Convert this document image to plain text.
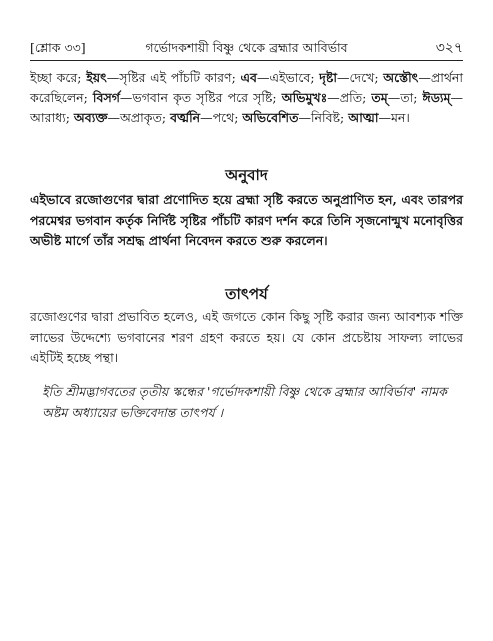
[শ্লোক ৩৩]	গর্ভোদকশায়ী বিষ্ণু থেকে ব্রহ্মার আবির্ভাব	৩২৭
ইচ্ছা করে; ইয়ৎ—সৃষ্টির এই পাঁচটি কারণ; এব—এইভাবে; দৃষ্টা—দেখে; অস্তৌৎ—প্রার্থনা করেছিলেন; বিসর্গ—ভগবান কৃত সৃষ্টির পরে সৃষ্টি; অভিমুখঃ—প্রতি; তম্—তা; ঈড্যম্—আরাধ্য; অব্যক্ত—অপ্রাকৃত; বর্ত্মনি—পথে; অভিবেশিত—নিবিষ্ট; আত্মা—মন।
অনুবাদ
এইভাবে রজোগুণের দ্বারা প্রণোদিত হয়ে ব্রহ্মা সৃষ্টি করতে অনুপ্রাণিত হন, এবং তারপর পরমেশ্বর ভগবান কর্তৃক নির্দিষ্ট সৃষ্টির পাঁচটি কারণ দর্শন করে তিনি সৃজনোন্মুখ মনোবৃত্তির অভীষ্ট মার্গে তাঁর সশ্রদ্ধ প্রার্থনা নিবেদন করতে শুরু করলেন।
তাৎপর্য
রজোগুণের দ্বারা প্রভাবিত হলেও, এই জগতে কোন কিছু সৃষ্টি করার জন্য আবশ্যক শক্তি লাভের উদ্দেশ্যে ভগবানের শরণ গ্রহণ করতে হয়। যে কোন প্রচেষ্টায় সাফল্য লাভের এইটিই হচ্ছে পন্থা।
ইতি শ্রীমদ্ভাগবতের তৃতীয় স্কন্ধের 'গর্ভোদকশায়ী বিষ্ণু থেকে ব্রহ্মার আবির্ভাব' নামক অষ্টম অধ্যায়ের ভক্তিবেদান্ত তাৎপর্য ।
